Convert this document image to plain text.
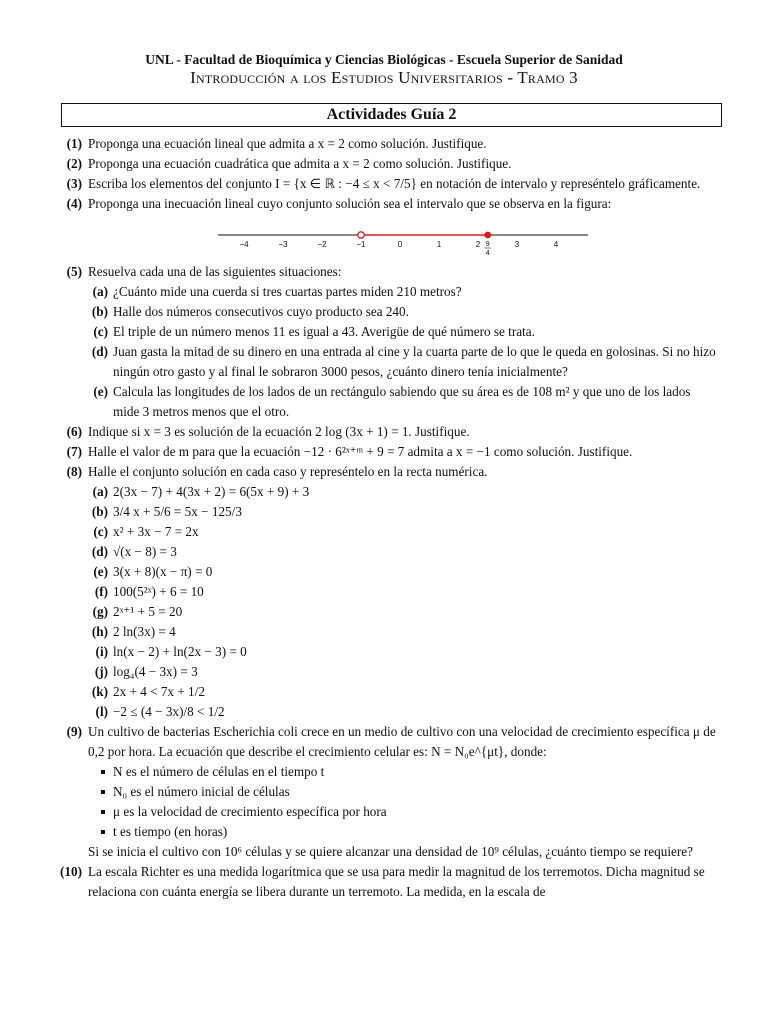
UNL - Facultad de Bioquímica y Ciencias Biológicas - Escuela Superior de Sanidad
Introducción a los Estudios Universitarios - Tramo 3
Actividades Guía 2
(1) Proponga una ecuación lineal que admita a x = 2 como solución. Justifique.
(2) Proponga una ecuación cuadrática que admita a x = 2 como solución. Justifique.
(3) Escriba los elementos del conjunto I = {x ∈ ℝ : −4 ≤ x < 7/5} en notación de intervalo y represéntelo gráficamente.
(4) Proponga una inecuación lineal cuyo conjunto solución sea el intervalo que se observa en la figura:
−4	−3	−2	−1	0	1	2	3	4
9
4
(5) Resuelva cada una de las siguientes situaciones:
(a) ¿Cuánto mide una cuerda si tres cuartas partes miden 210 metros?
(b) Halle dos números consecutivos cuyo producto sea 240.
(c) El triple de un número menos 11 es igual a 43. Averigüe de qué número se trata.
(d) Juan gasta la mitad de su dinero en una entrada al cine y la cuarta parte de lo que le queda en golosinas. Si no hizo ningún otro gasto y al final le sobraron 3000 pesos, ¿cuánto dinero tenía inicialmente?
(e) Calcula las longitudes de los lados de un rectángulo sabiendo que su área es de 108 m² y que uno de los lados mide 3 metros menos que el otro.
(6) Indique si x = 3 es solución de la ecuación 2 log (3x + 1) = 1. Justifique.
(7) Halle el valor de m para que la ecuación −12 · 6²ˣ⁺ᵐ + 9 = 7 admita a x = −1 como solución. Justifique.
(8) Halle el conjunto solución en cada caso y represéntelo en la recta numérica.
(a) 2(3x − 7) + 4(3x + 2) = 6(5x + 9) + 3
(b) 3/4 x + 5/6 = 5x − 125/3
(c) x² + 3x − 7 = 2x
(d) √(x − 8) = 3
(e) 3(x + 8)(x − π) = 0
(f) 100(5²ˣ) + 6 = 10
(g) 2ˣ⁺¹ + 5 = 20
(h) 2 ln(3x) = 4
(i) ln(x − 2) + ln(2x − 3) = 0
(j) log₄(4 − 3x) = 3
(k) 2x + 4 < 7x + 1/2
(l) −2 ≤ (4 − 3x)/8 < 1/2
(9) Un cultivo de bacterias Escherichia coli crece en un medio de cultivo con una velocidad de crecimiento específica μ de 0,2 por hora. La ecuación que describe el crecimiento celular es: N = N₀e^{μt}, donde:
N es el número de células en el tiempo t
N₀ es el número inicial de células
μ es la velocidad de crecimiento específica por hora
t es tiempo (en horas)
Si se inicia el cultivo con 10⁶ células y se quiere alcanzar una densidad de 10⁹ células, ¿cuánto tiempo se requiere?
(10) La escala Richter es una medida logarítmica que se usa para medir la magnitud de los terremotos. Dicha magnitud se relaciona con cuánta energía se libera durante un terremoto. La medida, en la escala de
